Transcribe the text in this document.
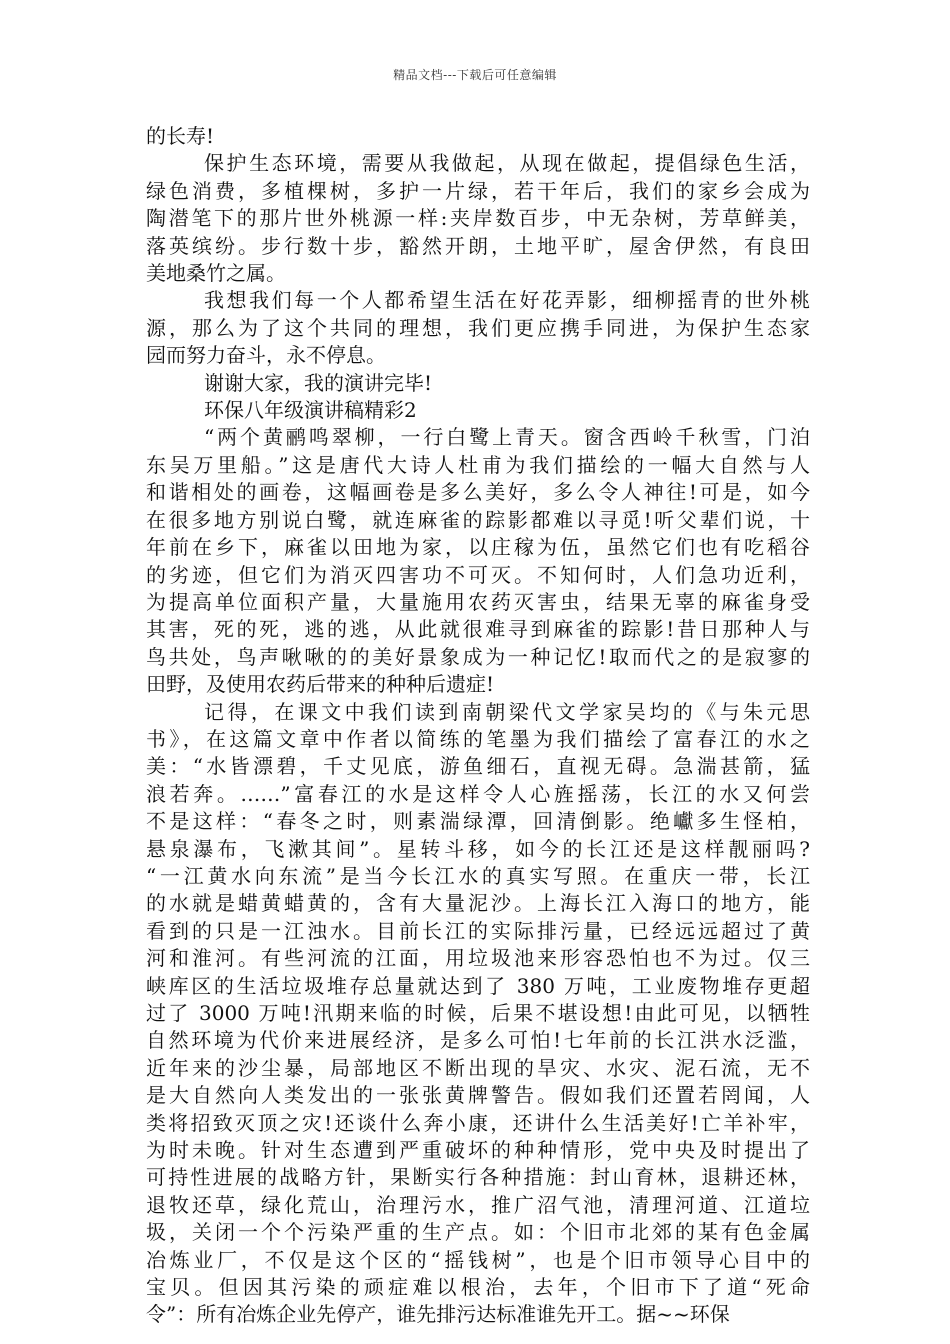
精品文档---下载后可任意编辑

的长寿!

保护生态环境，需要从我做起，从现在做起，提倡绿色生活，
绿色消费，多植棵树，多护一片绿，若干年后，我们的家乡会成为
陶潜笔下的那片世外桃源一样:夹岸数百步，中无杂树，芳草鲜美，
落英缤纷。步行数十步，豁然开朗，土地平旷，屋舍伊然，有良田
美地桑竹之属。

我想我们每一个人都希望生活在好花弄影，细柳摇青的世外桃
源，那么为了这个共同的理想，我们更应携手同进，为保护生态家
园而努力奋斗，永不停息。

谢谢大家，我的演讲完毕!

环保八年级演讲稿精彩2

“两个黄鹂鸣翠柳，一行白鹭上青天。窗含西岭千秋雪，门泊
东吴万里船。”这是唐代大诗人杜甫为我们描绘的一幅大自然与人
和谐相处的画卷，这幅画卷是多么美好，多么令人神往!可是，如今
在很多地方别说白鹭，就连麻雀的踪影都难以寻觅!听父辈们说，十
年前在乡下，麻雀以田地为家，以庄稼为伍，虽然它们也有吃稻谷
的劣迹，但它们为消灭四害功不可灭。不知何时，人们急功近利，
为提高单位面积产量，大量施用农药灭害虫，结果无辜的麻雀身受
其害，死的死，逃的逃，从此就很难寻到麻雀的踪影!昔日那种人与
鸟共处，鸟声啾啾的的美好景象成为一种记忆!取而代之的是寂寥的
田野，及使用农药后带来的种种后遗症!

记得，在课文中我们读到南朝梁代文学家吴均的《与朱元思
书》，在这篇文章中作者以简练的笔墨为我们描绘了富春江的水之
美：“水皆漂碧，千丈见底，游鱼细石，直视无碍。急湍甚箭，猛
浪若奔。……”富春江的水是这样令人心旌摇荡，长江的水又何尝
不是这样：“春冬之时，则素湍绿潭，回清倒影。绝巘多生怪柏，
悬泉瀑布，飞漱其间”。星转斗移，如今的长江还是这样靓丽吗?
“一江黄水向东流”是当今长江水的真实写照。在重庆一带，长江
的水就是蜡黄蜡黄的，含有大量泥沙。上海长江入海口的地方，能
看到的只是一江浊水。目前长江的实际排污量，已经远远超过了黄
河和淮河。有些河流的江面，用垃圾池来形容恐怕也不为过。仅三
峡库区的生活垃圾堆存总量就达到了 380 万吨，工业废物堆存更超
过了 3000 万吨!汛期来临的时候，后果不堪设想!由此可见，以牺牲
自然环境为代价来进展经济，是多么可怕!七年前的长江洪水泛滥，
近年来的沙尘暴，局部地区不断出现的旱灾、水灾、泥石流，无不
是大自然向人类发出的一张张黄牌警告。假如我们还置若罔闻，人
类将招致灭顶之灾!还谈什么奔小康，还讲什么生活美好!亡羊补牢，
为时未晚。针对生态遭到严重破坏的种种情形，党中央及时提出了
可持性进展的战略方针，果断实行各种措施：封山育林，退耕还林，
退牧还草，绿化荒山，治理污水，推广沼气池，清理河道、江道垃
圾，关闭一个个污染严重的生产点。如：个旧市北郊的某有色金属
冶炼业厂，不仅是这个区的“摇钱树”，也是个旧市领导心目中的
宝贝。但因其污染的顽症难以根治，去年，个旧市下了道“死命
令”：所有冶炼企业先停产，谁先排污达标准谁先开工。据~~环保
